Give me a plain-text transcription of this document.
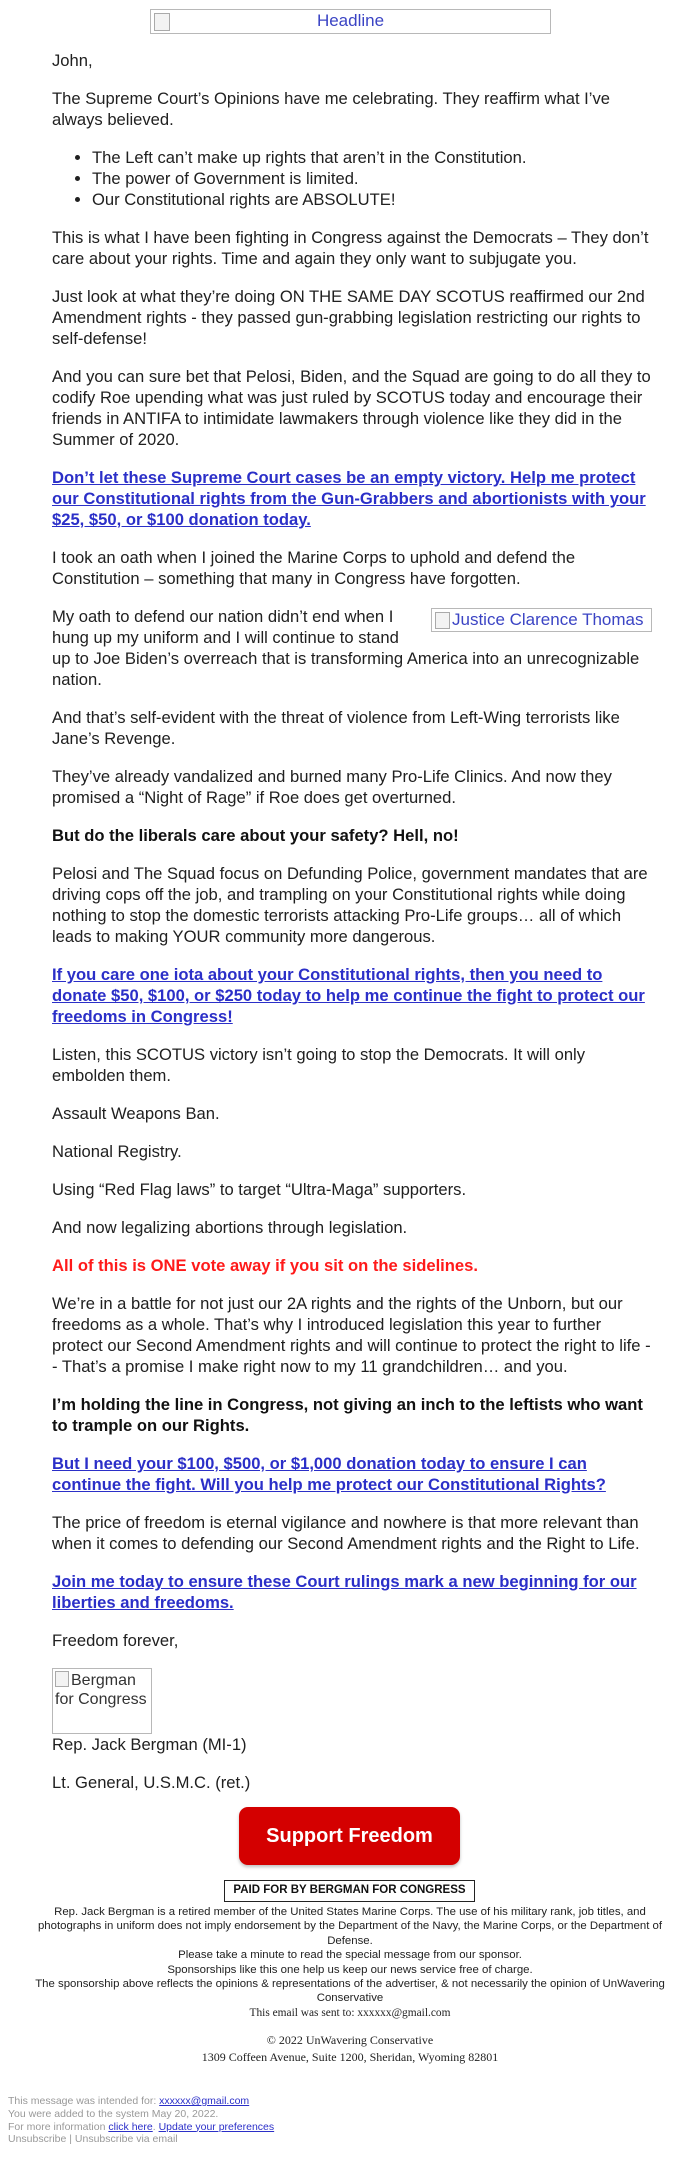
Headline

John,

The Supreme Court’s Opinions have me celebrating. They reaffirm what I’ve always believed.

• The Left can’t make up rights that aren’t in the Constitution.
• The power of Government is limited.
• Our Constitutional rights are ABSOLUTE!

This is what I have been fighting in Congress against the Democrats – They don’t care about your rights. Time and again they only want to subjugate you.

Just look at what they’re doing ON THE SAME DAY SCOTUS reaffirmed our 2nd Amendment rights - they passed gun-grabbing legislation restricting our rights to self-defense!

And you can sure bet that Pelosi, Biden, and the Squad are going to do all they to codify Roe upending what was just ruled by SCOTUS today and encourage their friends in ANTIFA to intimidate lawmakers through violence like they did in the Summer of 2020.

Don’t let these Supreme Court cases be an empty victory. Help me protect our Constitutional rights from the Gun-Grabbers and abortionists with your $25, $50, or $100 donation today.

I took an oath when I joined the Marine Corps to uphold and defend the Constitution – something that many in Congress have forgotten.

Justice Clarence Thomas

My oath to defend our nation didn’t end when I hung up my uniform and I will continue to stand up to Joe Biden’s overreach that is transforming America into an unrecognizable nation.

And that’s self-evident with the threat of violence from Left-Wing terrorists like Jane’s Revenge.

They’ve already vandalized and burned many Pro-Life Clinics. And now they promised a “Night of Rage” if Roe does get overturned.

But do the liberals care about your safety? Hell, no!

Pelosi and The Squad focus on Defunding Police, government mandates that are driving cops off the job, and trampling on your Constitutional rights while doing nothing to stop the domestic terrorists attacking Pro-Life groups… all of which leads to making YOUR community more dangerous.

If you care one iota about your Constitutional rights, then you need to donate $50, $100, or $250 today to help me continue the fight to protect our freedoms in Congress!

Listen, this SCOTUS victory isn’t going to stop the Democrats. It will only embolden them.

Assault Weapons Ban.

National Registry.

Using “Red Flag laws” to target “Ultra-Maga” supporters.

And now legalizing abortions through legislation.

All of this is ONE vote away if you sit on the sidelines.

We’re in a battle for not just our 2A rights and the rights of the Unborn, but our freedoms as a whole. That’s why I introduced legislation this year to further protect our Second Amendment rights and will continue to protect the right to life -- That’s a promise I make right now to my 11 grandchildren… and you.

I’m holding the line in Congress, not giving an inch to the leftists who want to trample on our Rights.

But I need your $100, $500, or $1,000 donation today to ensure I can continue the fight. Will you help me protect our Constitutional Rights?

The price of freedom is eternal vigilance and nowhere is that more relevant than when it comes to defending our Second Amendment rights and the Right to Life.

Join me today to ensure these Court rulings mark a new beginning for our liberties and freedoms.

Freedom forever,

Bergman for Congress

Rep. Jack Bergman (MI-1)

Lt. General, U.S.M.C. (ret.)

Support Freedom
PAID FOR BY BERGMAN FOR CONGRESS

Rep. Jack Bergman is a retired member of the United States Marine Corps. The use of his military rank, job titles, and photographs in uniform does not imply endorsement by the Department of the Navy, the Marine Corps, or the Department of Defense.

Please take a minute to read the special message from our sponsor.

Sponsorships like this one help us keep our news service free of charge.

The sponsorship above reflects the opinions & representations of the advertiser, & not necessarily the opinion of UnWavering Conservative

This email was sent to: xxxxxx@gmail.com

© 2022 UnWavering Conservative

1309 Coffeen Avenue, Suite 1200, Sheridan, Wyoming 82801

This message was intended for: xxxxxx@gmail.com

You were added to the system May 20, 2022.

For more information click here. Update your preferences

Unsubscribe | Unsubscribe via email
